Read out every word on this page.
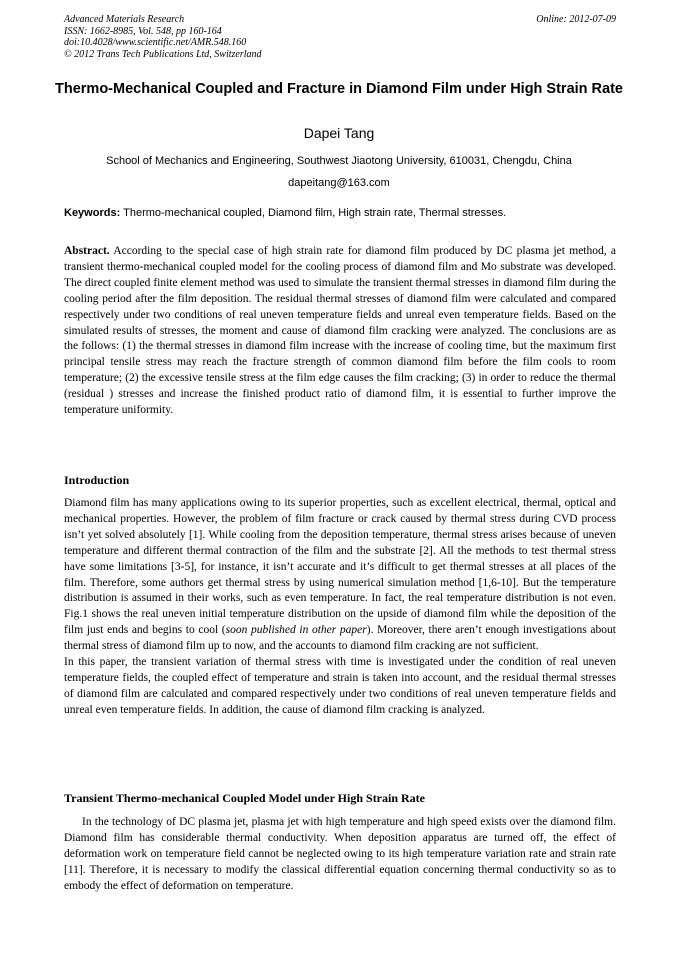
Advanced Materials Research
ISSN: 1662-8985, Vol. 548, pp 160-164
doi:10.4028/www.scientific.net/AMR.548.160
© 2012 Trans Tech Publications Ltd, Switzerland
Online: 2012-07-09
Thermo-Mechanical Coupled and Fracture in Diamond Film under High Strain Rate
Dapei Tang
School of Mechanics and Engineering, Southwest Jiaotong University, 610031, Chengdu, China
dapeitang@163.com
Keywords: Thermo-mechanical coupled, Diamond film, High strain rate, Thermal stresses.

Abstract. According to the special case of high strain rate for diamond film produced by DC plasma jet method, a transient thermo-mechanical coupled model for the cooling process of diamond film and Mo substrate was developed. The direct coupled finite element method was used to simulate the transient thermal stresses in diamond film during the cooling period after the film deposition. The residual thermal stresses of diamond film were calculated and compared respectively under two conditions of real uneven temperature fields and unreal even temperature fields. Based on the simulated results of stresses, the moment and cause of diamond film cracking were analyzed. The conclusions are as the follows: (1) the thermal stresses in diamond film increase with the increase of cooling time, but the maximum first principal tensile stress may reach the fracture strength of common diamond film before the film cools to room temperature; (2) the excessive tensile stress at the film edge causes the film cracking; (3) in order to reduce the thermal (residual ) stresses and increase the finished product ratio of diamond film, it is essential to further improve the temperature uniformity.

Introduction

Diamond film has many applications owing to its superior properties, such as excellent electrical, thermal, optical and mechanical properties. However, the problem of film fracture or crack caused by thermal stress during CVD process isn’t yet solved absolutely [1]. While cooling from the deposition temperature, thermal stress arises because of uneven temperature and different thermal contraction of the film and the substrate [2]. All the methods to test thermal stress have some limitations [3-5], for instance, it isn’t accurate and it’s difficult to get thermal stresses at all places of the film. Therefore, some authors get thermal stress by using numerical simulation method [1,6-10]. But the temperature distribution is assumed in their works, such as even temperature. In fact, the real temperature distribution is not even. Fig.1 shows the real uneven initial temperature distribution on the upside of diamond film while the deposition of the film just ends and begins to cool (soon published in other paper). Moreover, there aren’t enough investigations about thermal stress of diamond film up to now, and the accounts to diamond film cracking are not sufficient.

In this paper, the transient variation of thermal stress with time is investigated under the condition of real uneven temperature fields, the coupled effect of temperature and strain is taken into account, and the residual thermal stresses of diamond film are calculated and compared respectively under two conditions of real uneven temperature fields and unreal even temperature fields. In addition, the cause of diamond film cracking is analyzed.

Transient Thermo-mechanical Coupled Model under High Strain Rate

In the technology of DC plasma jet, plasma jet with high temperature and high speed exists over the diamond film. Diamond film has considerable thermal conductivity. When deposition apparatus are turned off, the effect of deformation work on temperature field cannot be neglected owing to its high temperature variation rate and strain rate [11]. Therefore, it is necessary to modify the classical differential equation concerning thermal conductivity so as to embody the effect of deformation on temperature.
